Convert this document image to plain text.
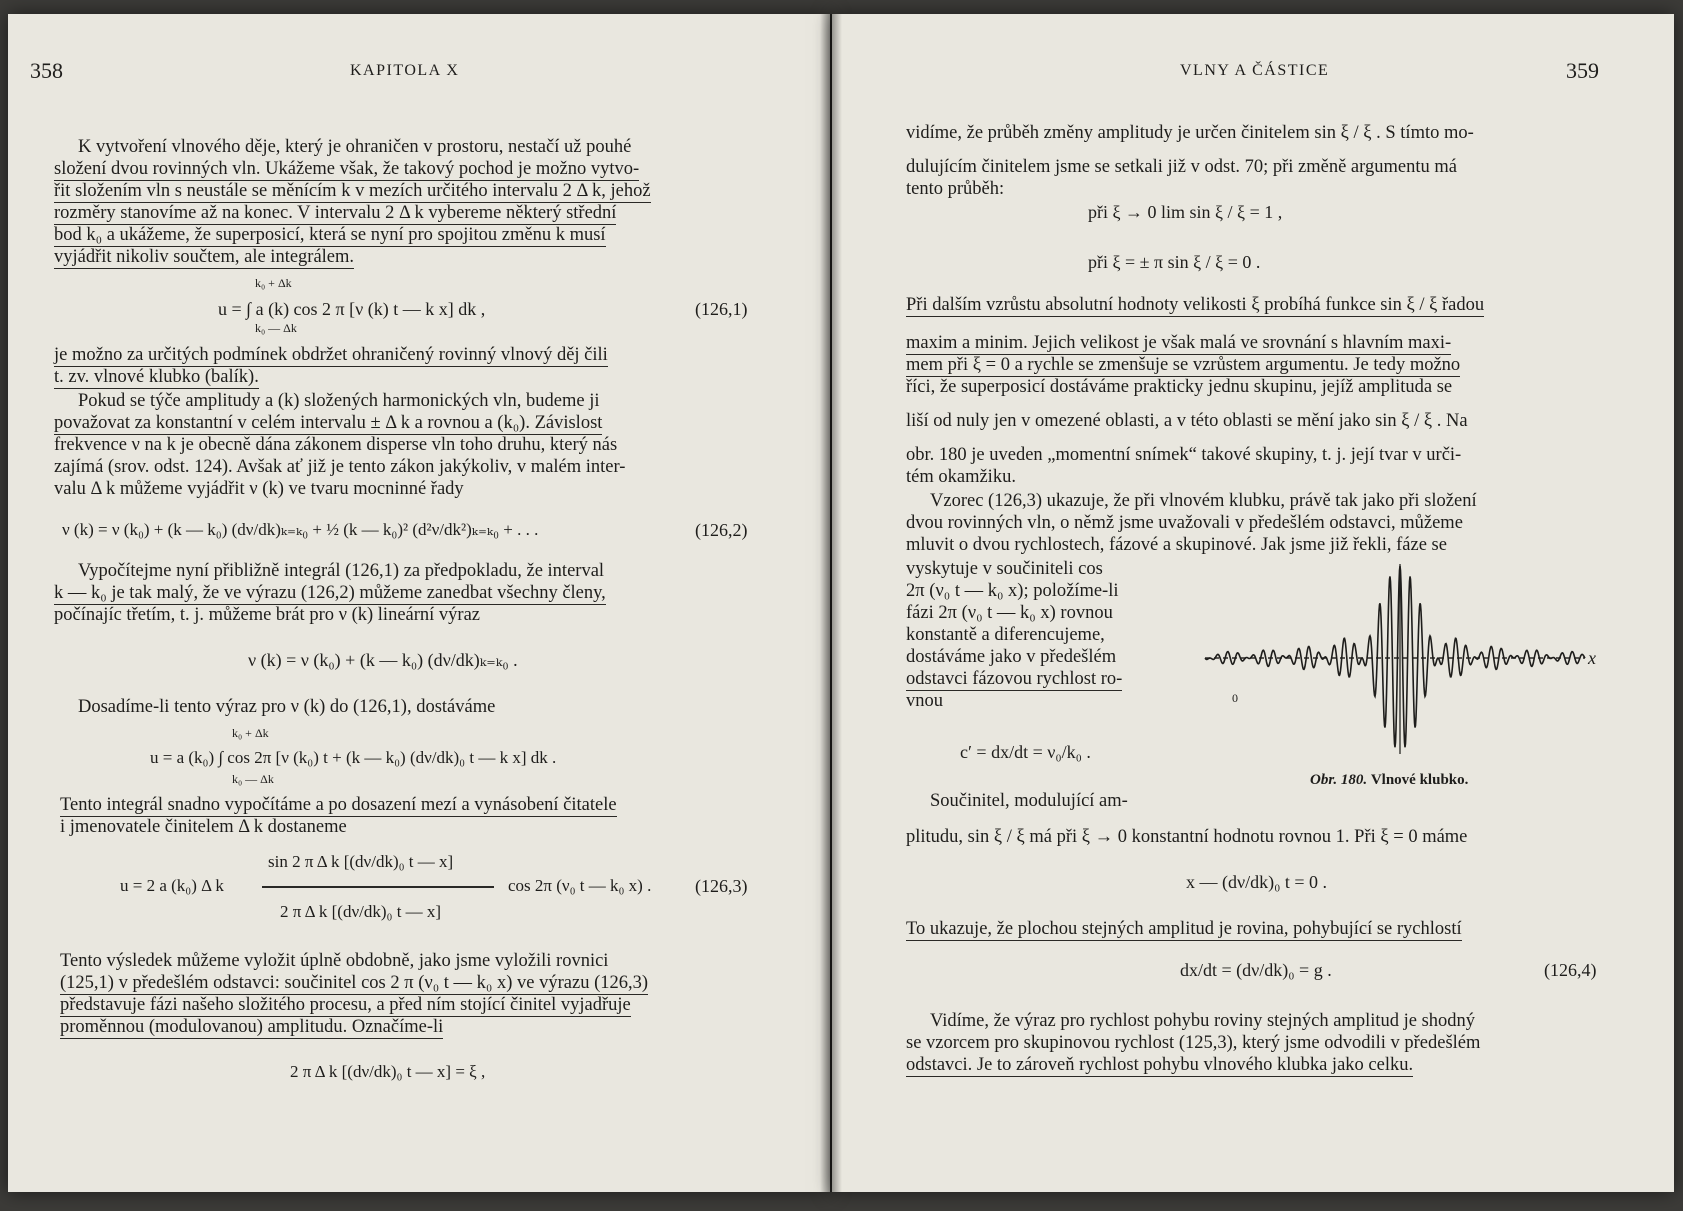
358	KAPITOLA X
K vytvoření vlnového děje, který je ohraničen v prostoru, nestačí už pouhé
složení dvou rovinných vln. Ukážeme však, že takový pochod je možno vytvo-
řit složením vln s neustále se měnícím k v mezích určitého intervalu 2 Δ k, jehož
rozměry stanovíme až na konec. V intervalu 2 Δ k vybereme některý střední
bod k₀ a ukážeme, že superposicí, která se nyní pro spojitou změnu k musí
vyjádřit nikoliv součtem, ale integrálem.
k₀ + Δk
u = ∫ a (k) cos 2 π [ν (k) t — k x] dk ,
k₀ — Δk
(126,1)
je možno za určitých podmínek obdržet ohraničený rovinný vlnový děj čili
t. zv. vlnové klubko (balík).
Pokud se týče amplitudy a (k) složených harmonických vln, budeme ji
považovat za konstantní v celém intervalu ± Δ k a rovnou a (k₀). Závislost
frekvence ν na k je obecně dána zákonem disperse vln toho druhu, který nás
zajímá (srov. odst. 124). Avšak ať již je tento zákon jakýkoliv, v malém inter-
valu Δ k můžeme vyjádřit ν (k) ve tvaru mocninné řady
ν (k) = ν (k₀) + (k — k₀) (dν/dk)ₖ₌ₖ₀ + ½ (k — k₀)² (d²ν/dk²)ₖ₌ₖ₀ + . . .	(126,2)
Vypočítejme nyní přibližně integrál (126,1) za předpokladu, že interval
k — k₀ je tak malý, že ve výrazu (126,2) můžeme zanedbat všechny členy,
počínajíc třetím, t. j. můžeme brát pro ν (k) lineární výraz
ν (k) = ν (k₀) + (k — k₀) (dν/dk)ₖ₌ₖ₀ .
Dosadíme-li tento výraz pro ν (k) do (126,1), dostáváme
k₀ + Δk
u = a (k₀) ∫ cos 2π [ν (k₀) t + (k — k₀) (dν/dk)₀ t — k x] dk .
k₀ — Δk
Tento integrál snadno vypočítáme a po dosazení mezí a vynásobení čitatele
i jmenovatele činitelem Δ k dostaneme
sin 2 π Δ k [(dν/dk)₀ t — x]
u = 2 a (k₀) Δ k
2 π Δ k [(dν/dk)₀ t — x]
cos 2π (ν₀ t — k₀ x) . (126,3)
Tento výsledek můžeme vyložit úplně obdobně, jako jsme vyložili rovnici
(125,1) v předešlém odstavci: součinitel cos 2 π (ν₀ t — k₀ x) ve výrazu (126,3)
představuje fázi našeho složitého procesu, a před ním stojící činitel vyjadřuje
proměnnou (modulovanou) amplitudu. Označíme-li
2 π Δ k [(dν/dk)₀ t — x] = ξ ,
VLNY A ČÁSTICE	359
vidíme, že průběh změny amplitudy je určen činitelem sin ξ / ξ . S tímto mo-
dulujícím činitelem jsme se setkali již v odst. 70; při změně argumentu má
tento průběh:
při ξ → 0 lim sin ξ / ξ = 1 ,
při ξ = ± π sin ξ / ξ = 0 .
Při dalším vzrůstu absolutní hodnoty velikosti ξ probíhá funkce sin ξ / ξ řadou
maxim a minim. Jejich velikost je však malá ve srovnání s hlavním maxi-
mem při ξ = 0 a rychle se zmenšuje se vzrůstem argumentu. Je tedy možno
říci, že superposicí dostáváme prakticky jednu skupinu, jejíž amplituda se
liší od nuly jen v omezené oblasti, a v této oblasti se mění jako sin ξ / ξ . Na
obr. 180 je uveden „momentní snímek“ takové skupiny, t. j. její tvar v urči-
tém okamžiku.
Vzorec (126,3) ukazuje, že při vlnovém klubku, právě tak jako při složení
dvou rovinných vln, o němž jsme uvažovali v předešlém odstavci, můžeme
mluvit o dvou rychlostech, fázové a skupinové. Jak jsme již řekli, fáze se
vyskytuje v součiniteli cos
2π (ν₀ t — k₀ x); položíme-li
fázi 2π (ν₀ t — k₀ x) rovnou
konstantě a diferencujeme,
dostáváme jako v předešlém
odstavci fázovou rychlost ro-
vnou
c′ = dx/dt = ν₀/k₀ .
x
0
Obr. 180. Vlnové klubko.
Součinitel, modulující am-
plitudu, sin ξ / ξ má při ξ → 0 konstantní hodnotu rovnou 1. Při ξ = 0 máme
x — (dν/dk)₀ t = 0 .
To ukazuje, že plochou stejných amplitud je rovina, pohybující se rychlostí
dx/dt = (dν/dk)₀ = g .	(126,4)
Vidíme, že výraz pro rychlost pohybu roviny stejných amplitud je shodný
se vzorcem pro skupinovou rychlost (125,3), který jsme odvodili v předešlém
odstavci. Je to zároveň rychlost pohybu vlnového klubka jako celku.
